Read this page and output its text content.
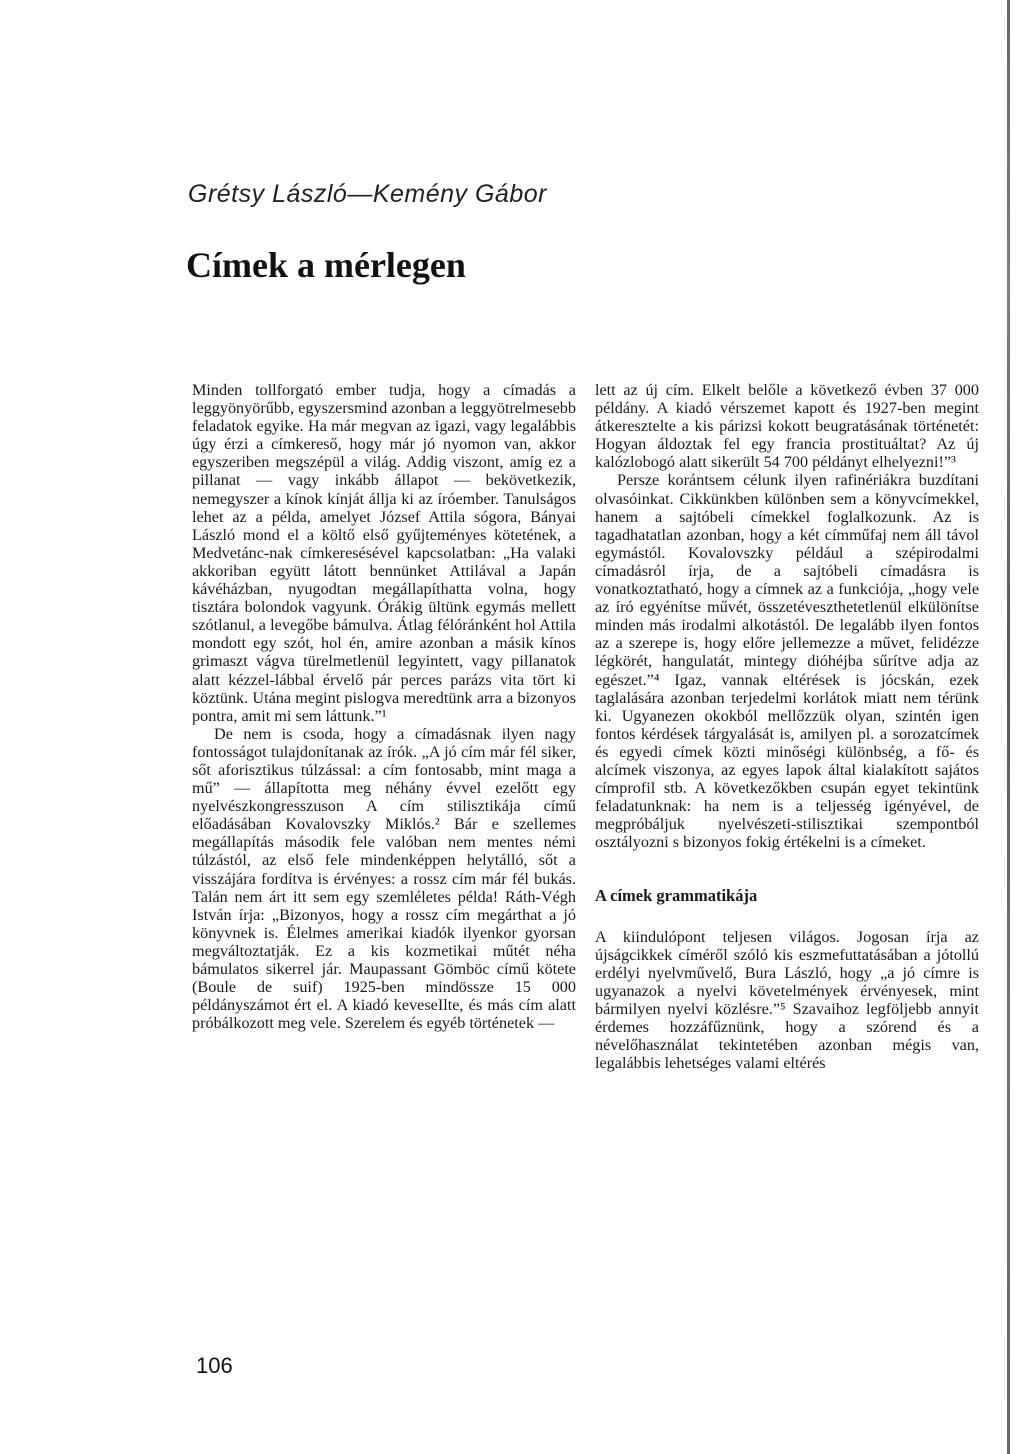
Grétsy László—Kemény Gábor
Címek a mérlegen

Minden tollforgató ember tudja, hogy a címadás a leggyönyörűbb, egyszersmind azonban a leggyötrelmesebb feladatok egyike. Ha már megvan az igazi, vagy legalábbis úgy érzi a címkereső, hogy már jó nyomon van, akkor egyszeriben megszépül a világ. Addig viszont, amíg ez a pillanat — vagy inkább állapot — bekövetkezik, nemegyszer a kínok kínját állja ki az íróember. Tanulságos lehet az a példa, amelyet József Attila sógora, Bányai László mond el a költő első gyűjteményes kötetének, a Medvetánc-nak címkeresésével kapcsolatban: „Ha valaki akkoriban együtt látott bennünket Attilával a Japán kávéházban, nyugodtan megállapíthatta volna, hogy tisztára bolondok vagyunk. Órákig ültünk egymás mellett szótlanul, a levegőbe bámulva. Átlag félóránként hol Attila mondott egy szót, hol én, amire azonban a másik kínos grimaszt vágva türelmetlenül legyintett, vagy pillanatok alatt kézzel-lábbal érvelő pár perces parázs vita tört ki köztünk. Utána megint pislogva meredtünk arra a bizonyos pontra, amit mi sem láttunk.”¹

De nem is csoda, hogy a címadásnak ilyen nagy fontosságot tulajdonítanak az írók. „A jó cím már fél siker, sőt aforisztikus túlzással: a cím fontosabb, mint maga a mű” — állapította meg néhány évvel ezelőtt egy nyelvészkongresszuson A cím stilisztikája című előadásában Kovalovszky Miklós.² Bár e szellemes megállapítás második fele valóban nem mentes némi túlzástól, az első fele mindenképpen helytálló, sőt a visszájára fordítva is érvényes: a rossz cím már fél bukás. Talán nem árt itt sem egy szemléletes példa! Ráth-Végh István írja: „Bizonyos, hogy a rossz cím megárthat a jó könyvnek is. Élelmes amerikai kiadók ilyenkor gyorsan megváltoztatják. Ez a kis kozmetikai műtét néha bámulatos sikerrel jár. Maupassant Gömböc című kötete (Boule de suif) 1925-ben mindössze 15 000 példányszámot ért el. A kiadó keveseIlte, és más cím alatt próbálkozott meg vele. Szerelem és egyéb történetek —

lett az új cím. Elkelt belőle a következő évben 37 000 példány. A kiadó vérszemet kapott és 1927-ben megint átkeresztelte a kis párizsi kokott beugratásának történetét: Hogyan áldoztak fel egy francia prostituáltat? Az új kalózlobogó alatt sikerült 54 700 példányt elhelyezni!”³

Persze korántsem célunk ilyen rafinériákra buzdítani olvasóinkat. Cikkünkben különben sem a könyvcímekkel, hanem a sajtóbeli címekkel foglalkozunk. Az is tagadhatatlan azonban, hogy a két címműfaj nem áll távol egymástól. Kovalovszky például a szépirodalmi címadásról írja, de a sajtóbeli címadásra is vonatkoztatható, hogy a címnek az a funkciója, „hogy vele az író egyénítse művét, összetéveszthetetlenül elkülönítse minden más irodalmi alkotástól. De legalább ilyen fontos az a szerepe is, hogy előre jellemezze a művet, felidézze légkörét, hangulatát, mintegy dióhéjba sűrítve adja az egészet.”⁴ Igaz, vannak eltérések is jócskán, ezek taglalására azonban terjedelmi korlátok miatt nem térünk ki. Ugyanezen okokból mellőzzük olyan, szintén igen fontos kérdések tárgyalását is, amilyen pl. a sorozatcímek és egyedi címek közti minőségi különbség, a fő- és alcímek viszonya, az egyes lapok által kialakított sajátos címprofil stb. A következőkben csupán egyet tekintünk feladatunknak: ha nem is a teljesség igényével, de megpróbáljuk nyelvészeti-stilisztikai szempontból osztályozni s bizonyos fokig értékelni is a címeket.

A címek grammatikája

A kiindulópont teljesen világos. Jogosan írja az újságcikkek címéről szóló kis eszmefuttatásában a jótollú erdélyi nyelvművelő, Bura László, hogy „a jó címre is ugyanazok a nyelvi követelmények érvényesek, mint bármilyen nyelvi közlésre.”⁵ Szavaihoz legföljebb annyit érdemes hozzáfűznünk, hogy a szórend és a névelőhasználat tekintetében azonban mégis van, legalábbis lehetséges valami eltérés

106
